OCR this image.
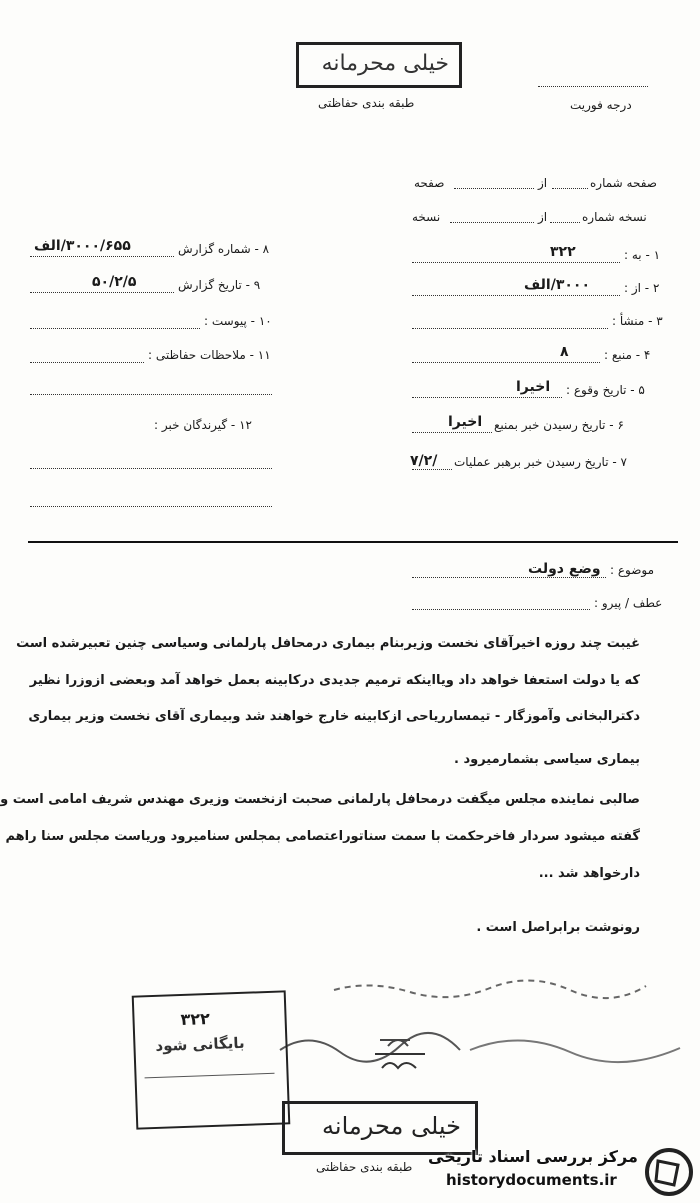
خیلی محرمانه
طبقه بندی حفاظتی	درجه فوریت
صفحه شماره
از
صفحه
نسخه شماره
از
نسخه
۱ - به :
۳۲۲
۲ - از :
۳۰۰۰/الف
۳ - منشأ :
۴ - منبع :
۸
۵ - تاریخ وقوع :
اخیرا
۶ - تاریخ رسیدن خبر بمنبع
اخیرا
۷ - تاریخ رسیدن خبر برهبر عملیات
۷/۲/
۸ - شماره گزارش
۳۰۰۰/۶۵۵/الف
۹ - تاریخ گزارش
۵۰/۲/۵
۱۰ - پیوست :
۱۱ - ملاحظات حفاظتی :
۱۲ - گیرندگان خبر :
موضوع :
وضع دولت
عطف / پیرو :
غیبت چند روزه اخیرآقای نخست وزیربنام بیماری درمحافل پارلمانی وسیاسی چنین تعبیرشده است
که یا دولت استعفا خواهد داد ویااینکه ترمیم جدیدی درکابینه بعمل خواهد آمد وبعضی ازوزرا نظیر
دکترالبخانی وآموزگار - تیمسارریاحی ازکابینه خارج خواهند شد وبیماری آقای نخست وزیر بیماری
بیماری سیاسی بشمارمیرود .
صالبی نماینده مجلس میگفت درمحافل پارلمانی صحبت ازنخست وزیری مهندس شریف امامی است و
گفته میشود سردار فاخرحکمت با سمت سناتوراعتصامی بمجلس سنامیرود وریاست مجلس سنا راهم
دارخواهد شد ...
رونوشت برابراصل است .
۳۲۲
بایگانی شود
خیلی محرمانه
طبقه بندی حفاظتی
مرکز بررسی اسناد تاریخی
historydocuments.ir
